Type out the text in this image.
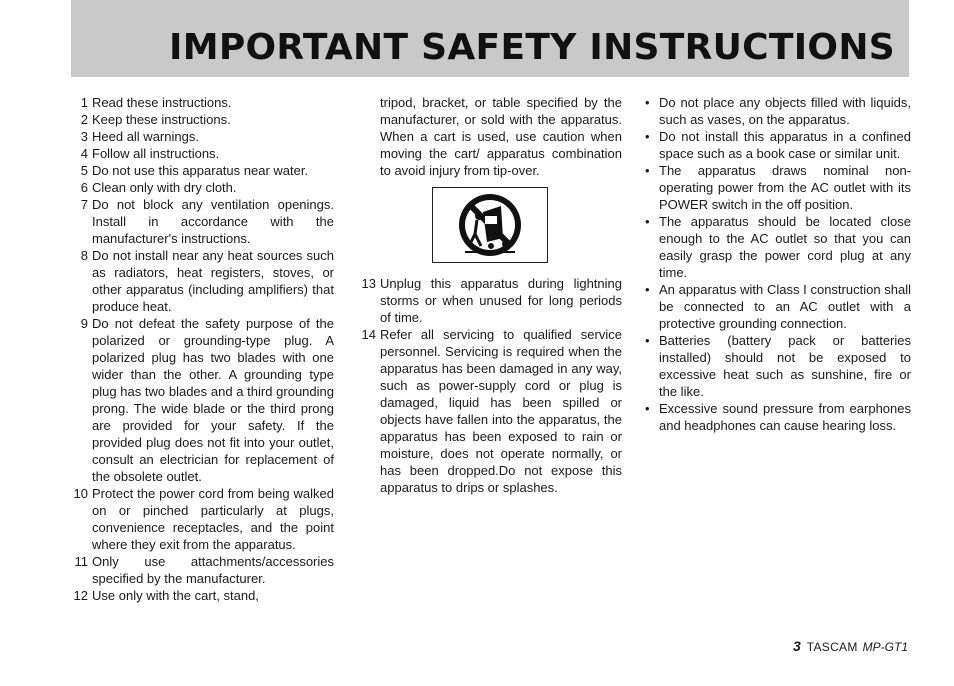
IMPORTANT SAFETY INSTRUCTIONS
1 Read these instructions.
2 Keep these instructions.
3 Heed all warnings.
4 Follow all instructions.
5 Do not use this apparatus near water.
6 Clean only with dry cloth.
7 Do not block any ventilation openings. Install in accordance with the manufacturer's instructions.
8 Do not install near any heat sources such as radiators, heat registers, stoves, or other apparatus (including amplifiers) that produce heat.
9 Do not defeat the safety purpose of the polarized or grounding-type plug. A polarized plug has two blades with one wider than the other. A grounding type plug has two blades and a third grounding prong. The wide blade or the third prong are provided for your safety. If the provided plug does not fit into your outlet, consult an electrician for replacement of the obsolete outlet.
10 Protect the power cord from being walked on or pinched particularly at plugs, convenience receptacles, and the point where they exit from the apparatus.
11 Only use attachments/accessories specified by the manufacturer.
12 Use only with the cart, stand,
tripod, bracket, or table specified by the manufacturer, or sold with the apparatus. When a cart is used, use caution when moving the cart/ apparatus combination to avoid injury from tip-over.
13 Unplug this apparatus during lightning storms or when unused for long periods of time.
14 Refer all servicing to qualified service personnel. Servicing is required when the apparatus has been damaged in any way, such as power-supply cord or plug is damaged, liquid has been spilled or objects have fallen into the apparatus, the apparatus has been exposed to rain or moisture, does not operate normally, or has been dropped.Do not expose this apparatus to drips or splashes.
• Do not place any objects filled with liquids, such as vases, on the apparatus.
• Do not install this apparatus in a confined space such as a book case or similar unit.
• The apparatus draws nominal non-operating power from the AC outlet with its POWER switch in the off position.
• The apparatus should be located close enough to the AC outlet so that you can easily grasp the power cord plug at any time.
• An apparatus with Class I construction shall be connected to an AC outlet with a protective grounding connection.
• Batteries (battery pack or batteries installed) should not be exposed to excessive heat such as sunshine, fire or the like.
• Excessive sound pressure from earphones and headphones can cause hearing loss.
3 TASCAM MP-GT1
